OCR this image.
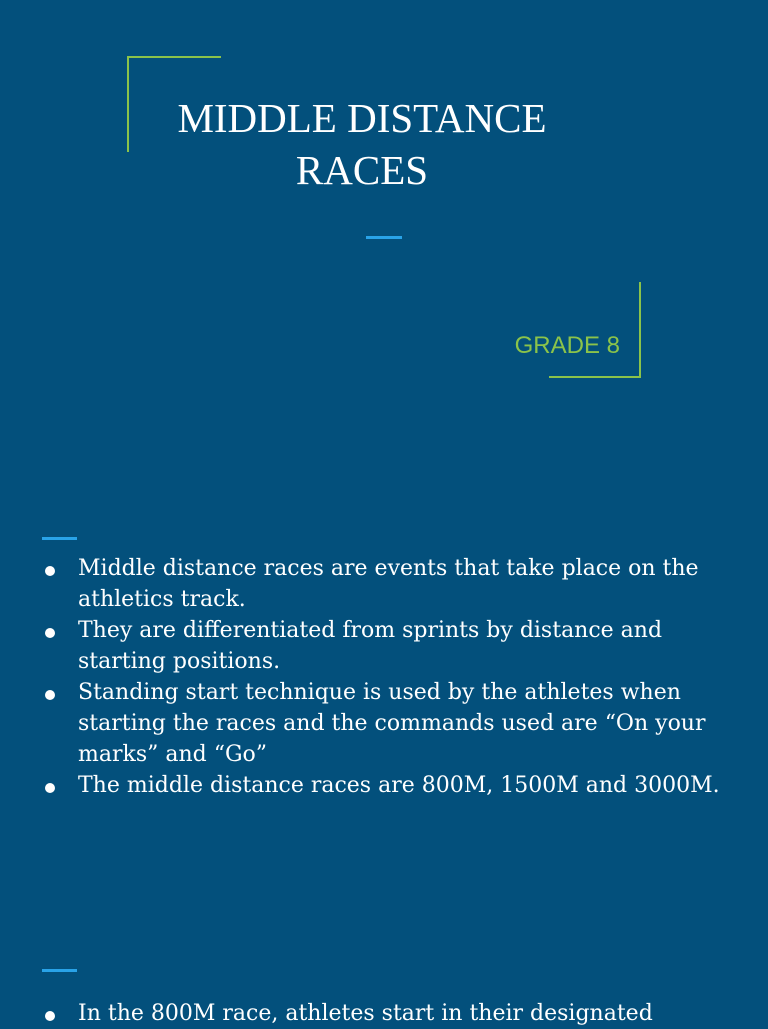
MIDDLE DISTANCE
RACES

GRADE 8

Middle distance races are events that take place on the athletics track.
They are differentiated from sprints by distance and starting positions.
Standing start technique is used by the athletes when starting the races and the commands used are “On your marks” and “Go”
The middle distance races are 800M, 1500M and 3000M.
In the 800M race, athletes start in their designated
